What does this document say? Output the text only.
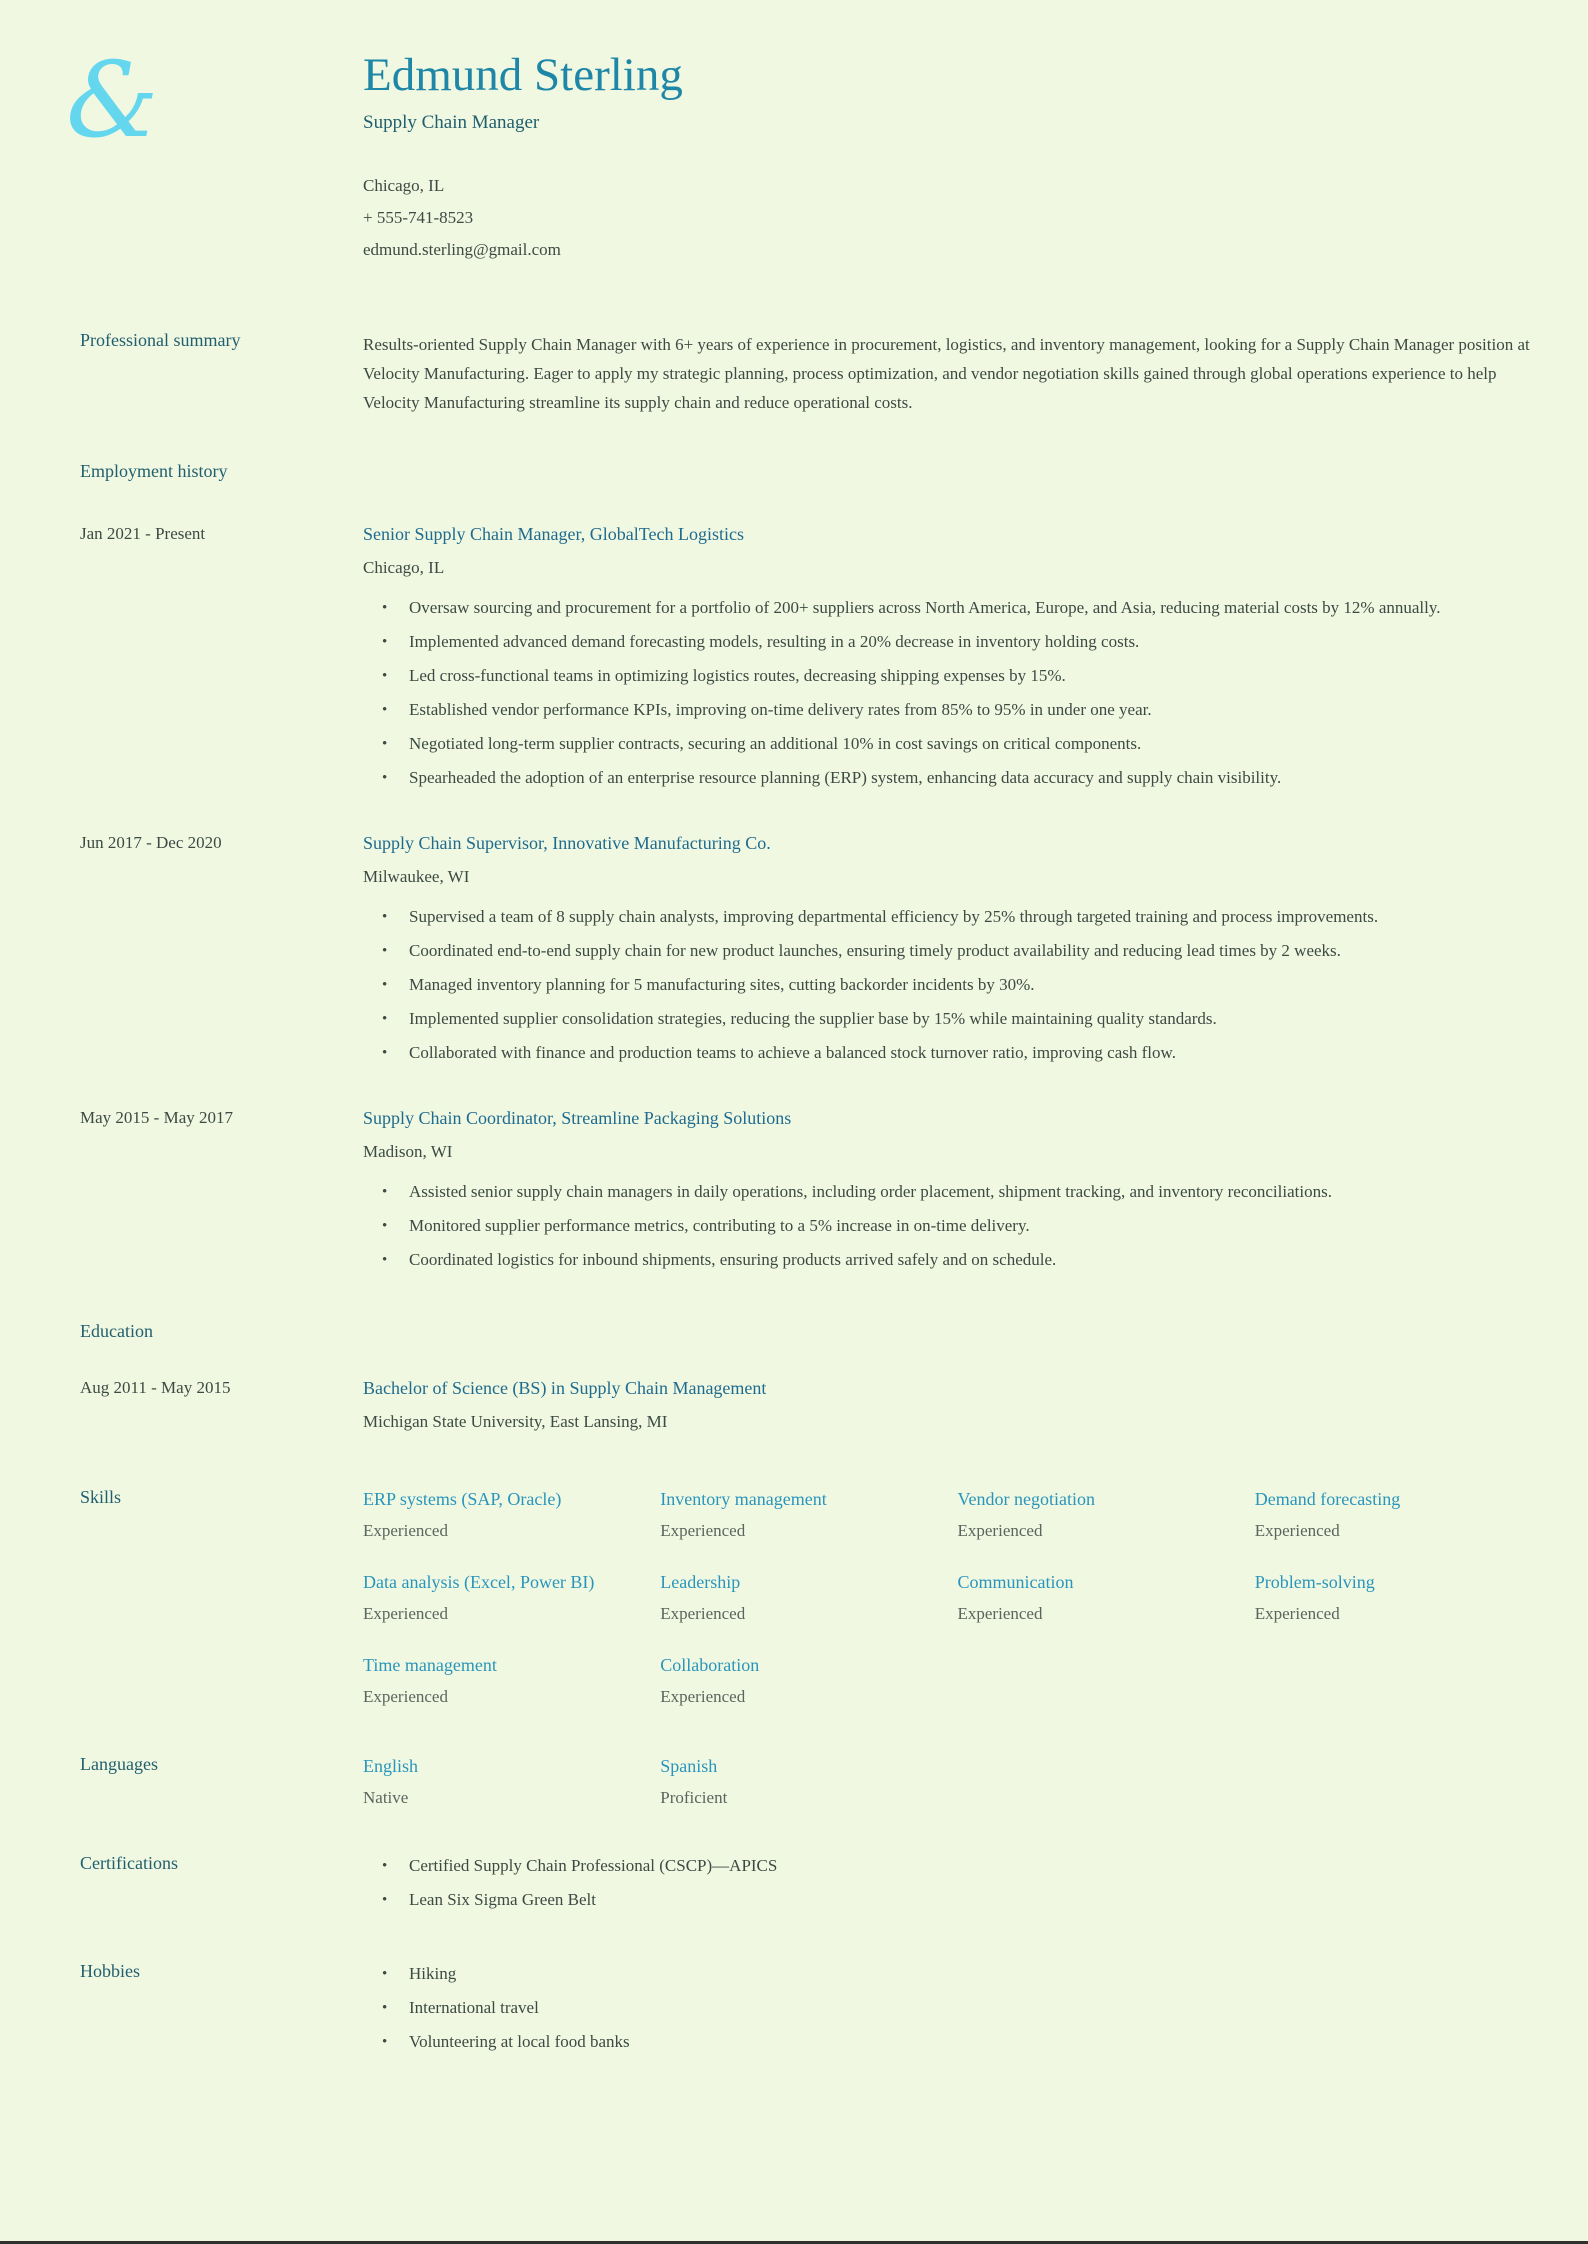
&	Edmund Sterling
Supply Chain Manager
Chicago, IL
+ 555-741-8523
edmund.sterling@gmail.com
Professional summary	Results-oriented Supply Chain Manager with 6+ years of experience in procurement, logistics, and inventory management, looking for a Supply Chain Manager position at Velocity Manufacturing. Eager to apply my strategic planning, process optimization, and vendor negotiation skills gained through global operations experience to help Velocity Manufacturing streamline its supply chain and reduce operational costs.
Employment history
Jan 2021 - Present	Senior Supply Chain Manager, GlobalTech Logistics
Chicago, IL
• Oversaw sourcing and procurement for a portfolio of 200+ suppliers across North America, Europe, and Asia, reducing material costs by 12% annually.
• Implemented advanced demand forecasting models, resulting in a 20% decrease in inventory holding costs.
• Led cross-functional teams in optimizing logistics routes, decreasing shipping expenses by 15%.
• Established vendor performance KPIs, improving on-time delivery rates from 85% to 95% in under one year.
• Negotiated long-term supplier contracts, securing an additional 10% in cost savings on critical components.
• Spearheaded the adoption of an enterprise resource planning (ERP) system, enhancing data accuracy and supply chain visibility.
Jun 2017 - Dec 2020	Supply Chain Supervisor, Innovative Manufacturing Co.
Milwaukee, WI
• Supervised a team of 8 supply chain analysts, improving departmental efficiency by 25% through targeted training and process improvements.
• Coordinated end-to-end supply chain for new product launches, ensuring timely product availability and reducing lead times by 2 weeks.
• Managed inventory planning for 5 manufacturing sites, cutting backorder incidents by 30%.
• Implemented supplier consolidation strategies, reducing the supplier base by 15% while maintaining quality standards.
• Collaborated with finance and production teams to achieve a balanced stock turnover ratio, improving cash flow.
May 2015 - May 2017	Supply Chain Coordinator, Streamline Packaging Solutions
Madison, WI
• Assisted senior supply chain managers in daily operations, including order placement, shipment tracking, and inventory reconciliations.
• Monitored supplier performance metrics, contributing to a 5% increase in on-time delivery.
• Coordinated logistics for inbound shipments, ensuring products arrived safely and on schedule.
Education
Aug 2011 - May 2015	Bachelor of Science (BS) in Supply Chain Management
Michigan State University, East Lansing, MI
Skills	ERP systems (SAP, Oracle)
Experienced
Inventory management
Experienced
Vendor negotiation
Experienced
Demand forecasting
Experienced
Data analysis (Excel, Power BI)
Experienced
Leadership
Experienced
Communication
Experienced
Problem-solving
Experienced
Time management
Experienced
Collaboration
Experienced
Languages	English
Native
Spanish
Proficient
Certifications	• Certified Supply Chain Professional (CSCP)—APICS
• Lean Six Sigma Green Belt
Hobbies	• Hiking
• International travel
• Volunteering at local food banks
